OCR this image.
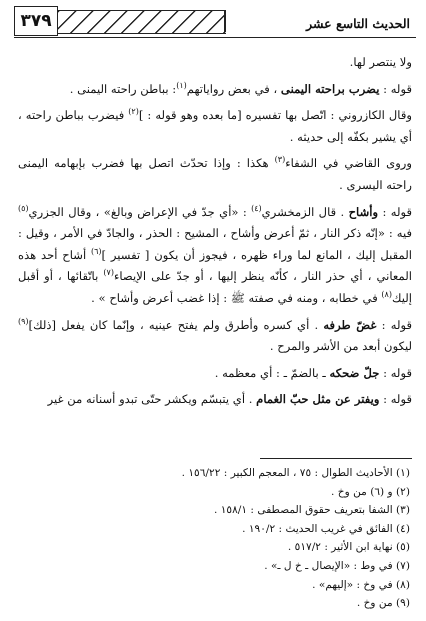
٣٧٩	الحديث التاسع عشر

ولا ينتصر لها.

قوله : يضرب براحته اليمنى ، في بعض رواياتهم$^{(١)}$: بباطن راحته اليمنى .

وقال الكازروني : اتّصل بها تفسيره [ما بعده وهو قوله : ]$^{(٢)}$ فيضرب بباطن راحته ، أي يشير بكفّه إلى حديثه .

وروى القاضي في الشفاء$^{(٣)}$ هكذا : وإذا تحدّث اتصل بها فضرب بإبهامه اليمنى راحته اليسرى .

قوله : وأشاح . قال الزمخشري$^{(٤)}$ : «أي جدّ في الإعراض وبالغ» ، وقال الجزري$^{(٥)}$ فيه : «إنّه ذكر النار ، ثمّ أعرض وأشاح ، المشيح : الحذر ، والجادّ في الأمر ، وقيل : المقبل إليك ، المانع لما وراء ظهره ، فيجوز أن يكون [ تفسير ]$^{(٦)}$ أشاح أحد هذه المعاني ، أي حذر النار ، كأنّه ينظر إليها ، أو جدّ على الإيصاء$^{(٧)}$ باتّقائها ، أو أقبل إليك$^{(٨)}$ في خطابه ، ومنه في صفته ﷺ : إذا غضب أعرض وأشاح » .

قوله : غضّ طرفه . أي كسره وأطرق ولم يفتح عينيه ، وإنّما كان يفعل [ذلك]$^{(٩)}$ ليكون أبعد من الأشر والمرح .

قوله : جلّ ضحكه ـ بالضمّ ـ : أي معظمه .

قوله : ويفتر عن مثل حبّ الغمام . أي يتبسّم ويكشر حتّى تبدو أسنانه من غير

(١) الأحاديث الطوال : ٧٥ ، المعجم الكبير : ١٥٦/٢٢ .
(٢) و (٦) من وخ .
(٣) الشفا بتعريف حقوق المصطفى : ١٥٨/١ .
(٤) الفائق في غريب الحديث : ١٩٠/٢ .
(٥) نهاية ابن الأثير : ٥١٧/٢ .
(٧) في وط : «الإيصال ـ خ ل ـ» .
(٨) في وخ : «إليهم» .
(٩) من وخ .
